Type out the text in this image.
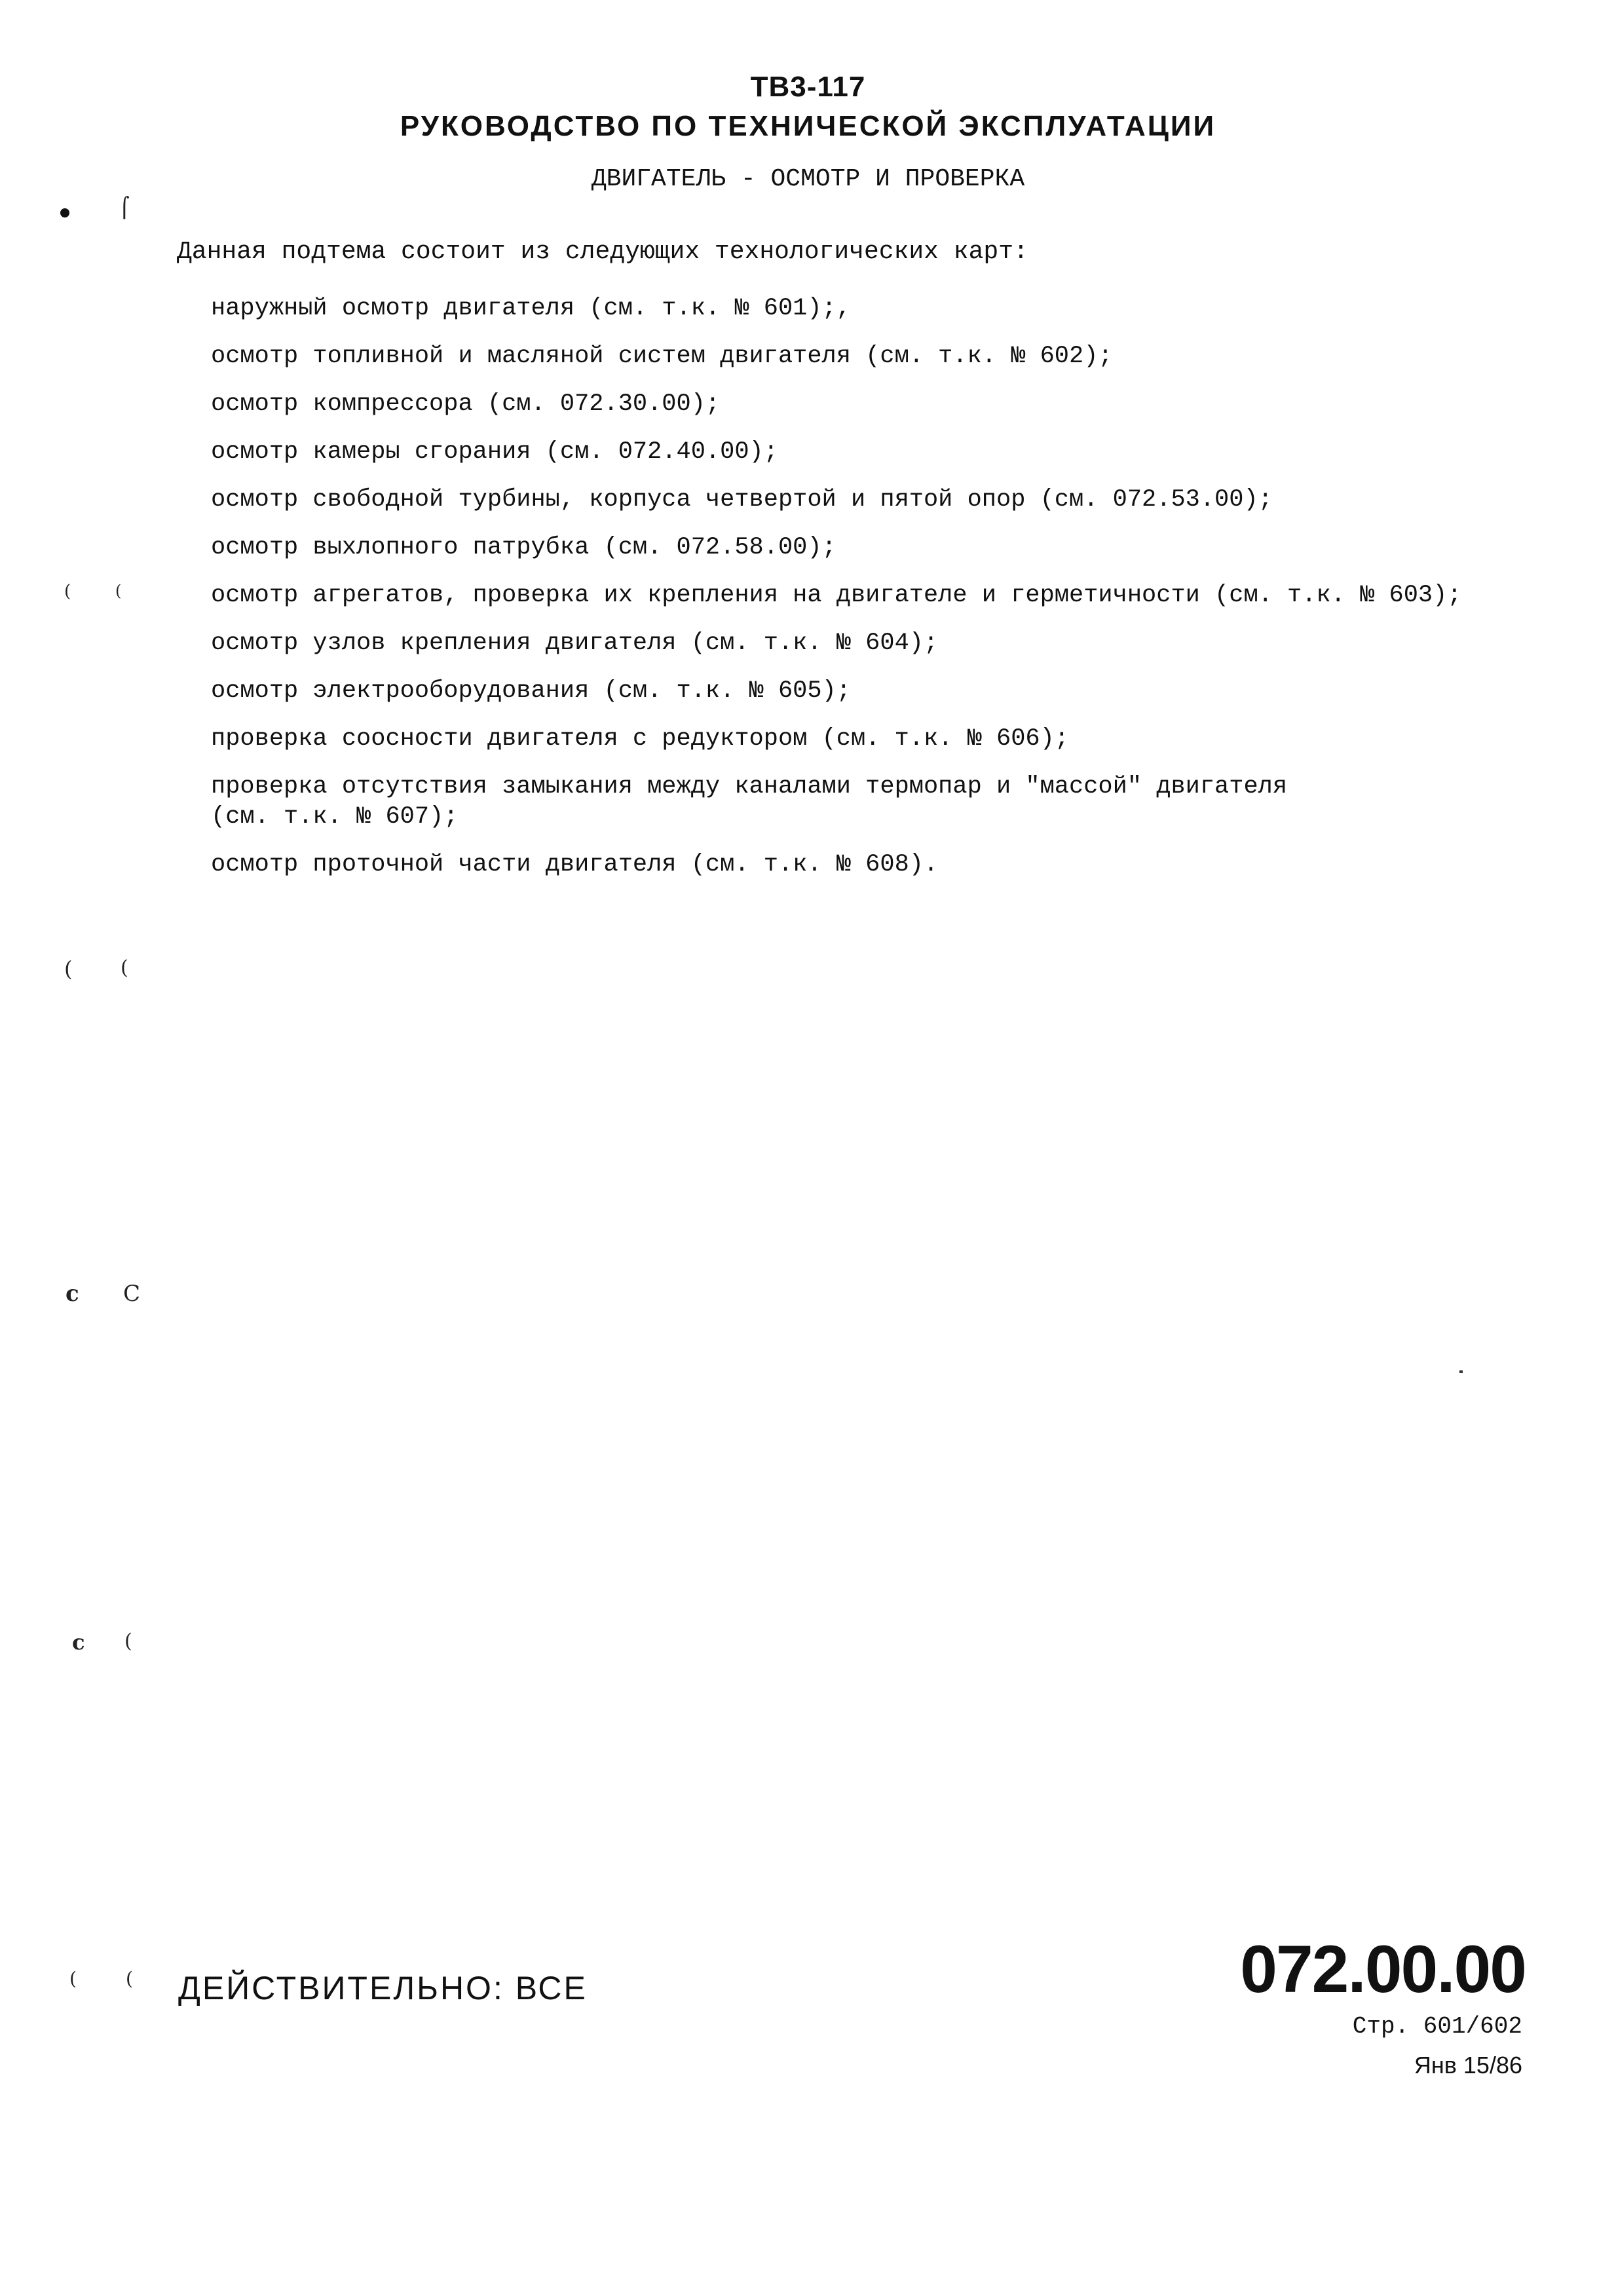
ТВ3-117
РУКОВОДСТВО ПО ТЕХНИЧЕСКОЙ ЭКСПЛУАТАЦИИ
ДВИГАТЕЛЬ - ОСМОТР И ПРОВЕРКА
Данная подтема состоит из следующих технологических карт:
наружный осмотр двигателя (см. т.к. № 601);,
осмотр топливной и масляной систем двигателя (см. т.к. № 602);
осмотр компрессора (см. 072.30.00);
осмотр камеры сгорания (см. 072.40.00);
осмотр свободной турбины, корпуса четвертой и пятой опор (см. 072.53.00);
осмотр выхлопного патрубка (см. 072.58.00);
осмотр агрегатов, проверка их крепления на двигателе и герметичности (см. т.к. № 603);
осмотр узлов крепления двигателя (см. т.к. № 604);
осмотр электрооборудования (см. т.к. № 605);
проверка соосности двигателя с редуктором (см. т.к. № 606);
проверка отсутствия замыкания между каналами термопар и "массой" двигателя
(см. т.к. № 607);
осмотр проточной части двигателя (см. т.к. № 608).
⌠
(	(
( (
c C
c (
(	( ДЕЙСТВИТЕЛЬНО: ВСЕ	072.00.00
Стр. 601/602
Янв 15/86
